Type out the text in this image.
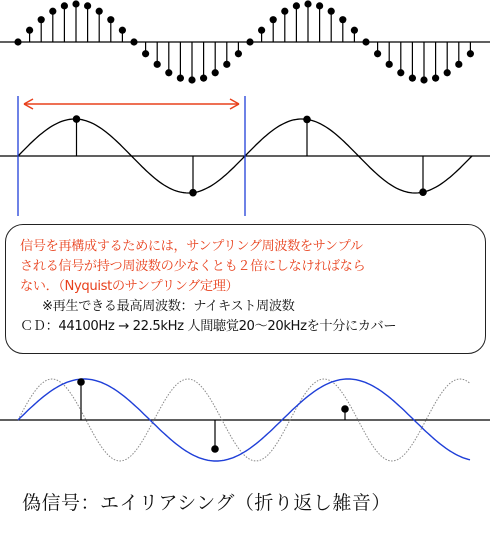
信号を再構成するためには，サンプリング周波数をサンプル
される信号が持つ周波数の少なくとも２倍にしなければなら
ない．（Nyquistのサンプリング定理）
※再生できる最高周波数：ナイキスト周波数
ＣＤ：44100Hz → 22.5kHz 人間聴覚20～20kHzを十分にカバー
偽信号：エイリアシング（折り返し雑音）
